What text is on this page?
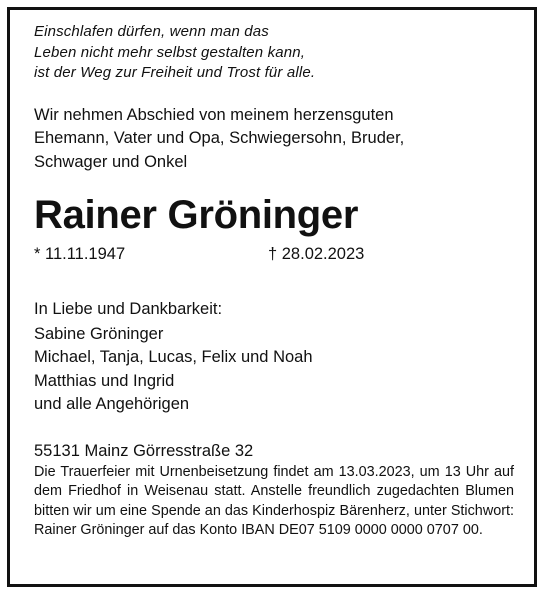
Einschlafen dürfen, wenn man das
Leben nicht mehr selbst gestalten kann,
ist der Weg zur Freiheit und Trost für alle.
Wir nehmen Abschied von meinem herzensguten
Ehemann, Vater und Opa, Schwiegersohn, Bruder,
Schwager und Onkel
Rainer Gröninger
* 11.11.1947	† 28.02.2023
In Liebe und Dankbarkeit:
Sabine Gröninger
Michael, Tanja, Lucas, Felix und Noah
Matthias und Ingrid
und alle Angehörigen
55131 Mainz Görresstraße 32
Die Trauerfeier mit Urnenbeisetzung findet am 13.03.2023, um 13 Uhr auf dem Friedhof in Weisenau statt. Anstelle freundlich zugedachten Blumen bitten wir um eine Spende an das Kinderhospiz Bärenherz, unter Stichwort: Rainer Gröninger auf das Konto IBAN DE07 5109 0000 0000 0707 00.
